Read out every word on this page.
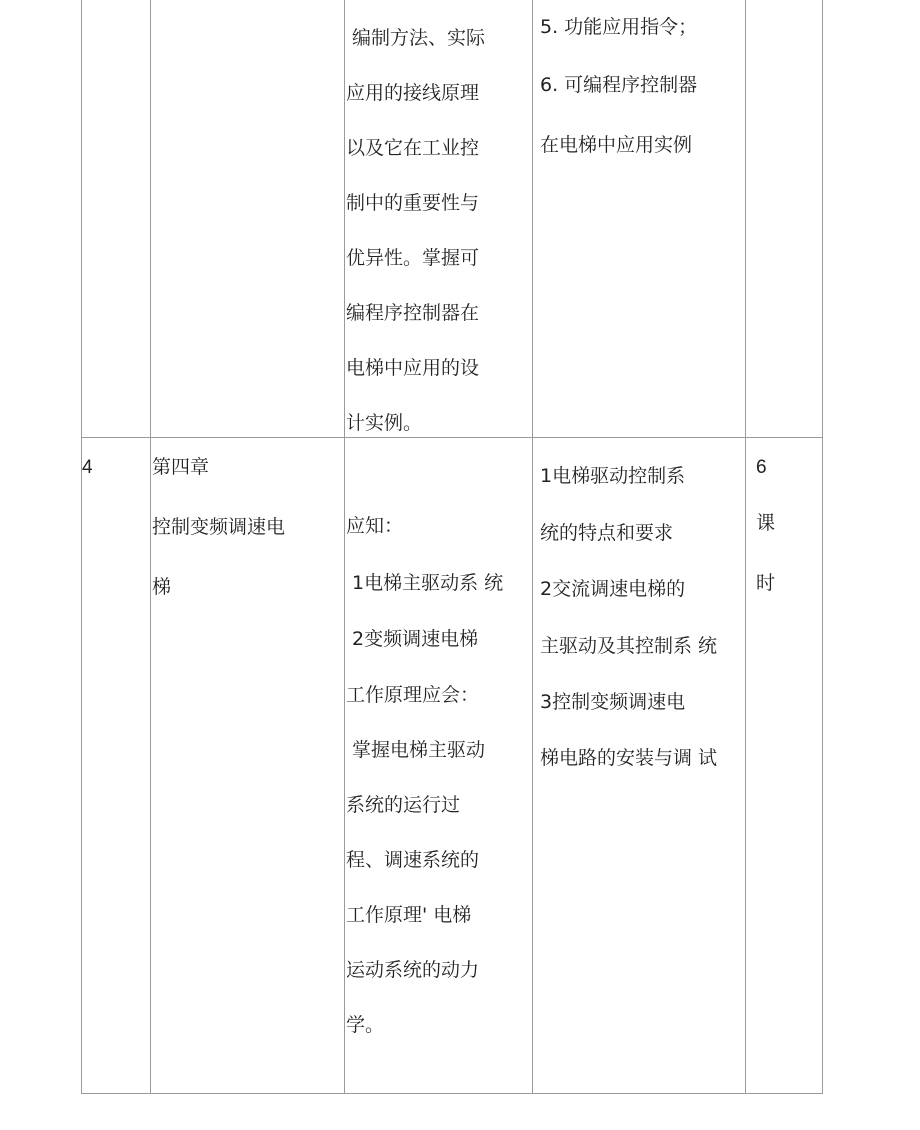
编制方法、实际
应用的接线原理
以及它在工业控
制中的重要性与
优异性。掌握可
编程序控制器在
电梯中应用的设
计实例。
5. 功能应用指令；
6. 可编程序控制器
在电梯中应用实例
4	第四章
控制变频调速电
梯
应知：
1电梯主驱动系 统
2变频调速电梯
工作原理应会：
掌握电梯主驱动
系统的运行过
程、调速系统的
工作原理' 电梯
运动系统的动力
学。
1电梯驱动控制系
统的特点和要求
2交流调速电梯的
主驱动及其控制系 统
3控制变频调速电
梯电路的安装与调 试
6
课
时
